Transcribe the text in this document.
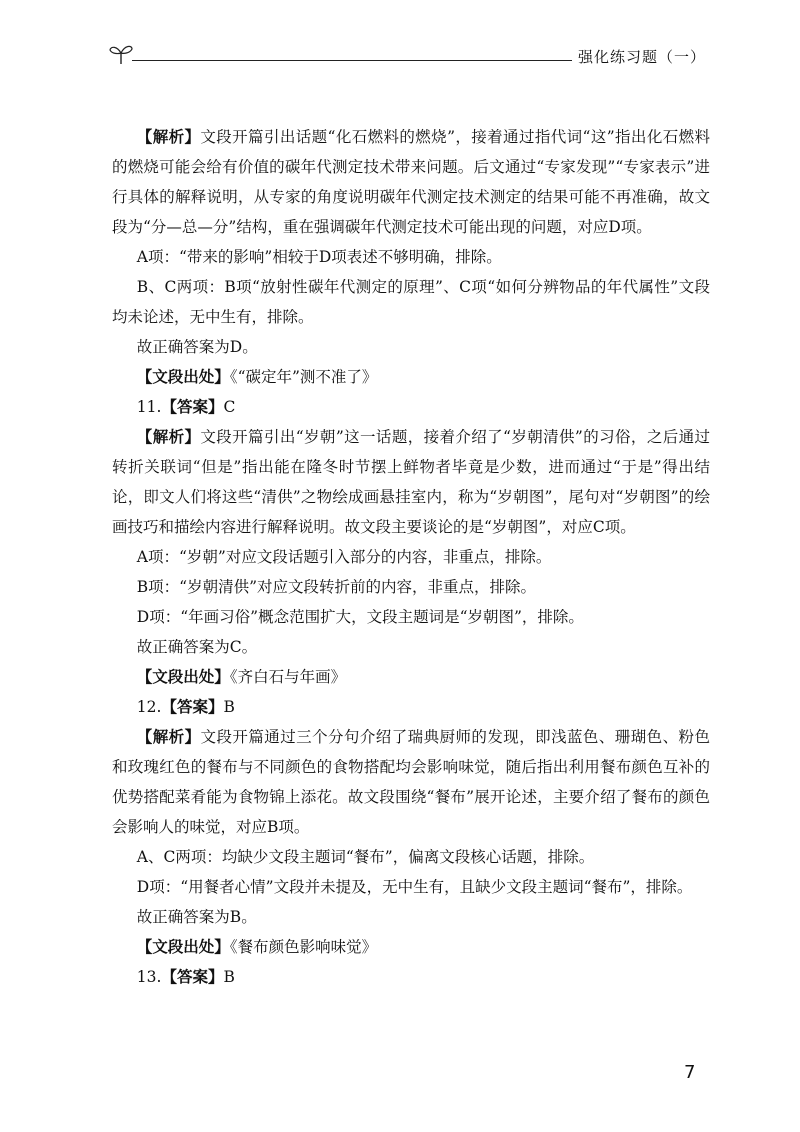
强化练习题（一）

【解析】文段开篇引出话题“化石燃料的燃烧”，接着通过指代词“这”指出化石燃料的燃烧可能会给有价值的碳年代测定技术带来问题。后文通过“专家发现”“专家表示”进行具体的解释说明，从专家的角度说明碳年代测定技术测定的结果可能不再准确，故文段为“分—总—分”结构，重在强调碳年代测定技术可能出现的问题，对应D项。

A项：“带来的影响”相较于D项表述不够明确，排除。

B、C两项：B项“放射性碳年代测定的原理”、C项“如何分辨物品的年代属性”文段均未论述，无中生有，排除。

故正确答案为D。

【文段出处】《“碳定年”测不准了》

11.【答案】C

【解析】文段开篇引出“岁朝”这一话题，接着介绍了“岁朝清供”的习俗，之后通过转折关联词“但是”指出能在隆冬时节摆上鲜物者毕竟是少数，进而通过“于是”得出结论，即文人们将这些“清供”之物绘成画悬挂室内，称为“岁朝图”，尾句对“岁朝图”的绘画技巧和描绘内容进行解释说明。故文段主要谈论的是“岁朝图”，对应C项。

A项：“岁朝”对应文段话题引入部分的内容，非重点，排除。

B项：“岁朝清供”对应文段转折前的内容，非重点，排除。

D项：“年画习俗”概念范围扩大，文段主题词是“岁朝图”，排除。

故正确答案为C。

【文段出处】《齐白石与年画》

12.【答案】B

【解析】文段开篇通过三个分句介绍了瑞典厨师的发现，即浅蓝色、珊瑚色、粉色和玫瑰红色的餐布与不同颜色的食物搭配均会影响味觉，随后指出利用餐布颜色互补的优势搭配菜肴能为食物锦上添花。故文段围绕“餐布”展开论述，主要介绍了餐布的颜色会影响人的味觉，对应B项。

A、C两项：均缺少文段主题词“餐布”，偏离文段核心话题，排除。

D项：“用餐者心情”文段并未提及，无中生有，且缺少文段主题词“餐布”，排除。

故正确答案为B。

【文段出处】《餐布颜色影响味觉》

13.【答案】B

7
